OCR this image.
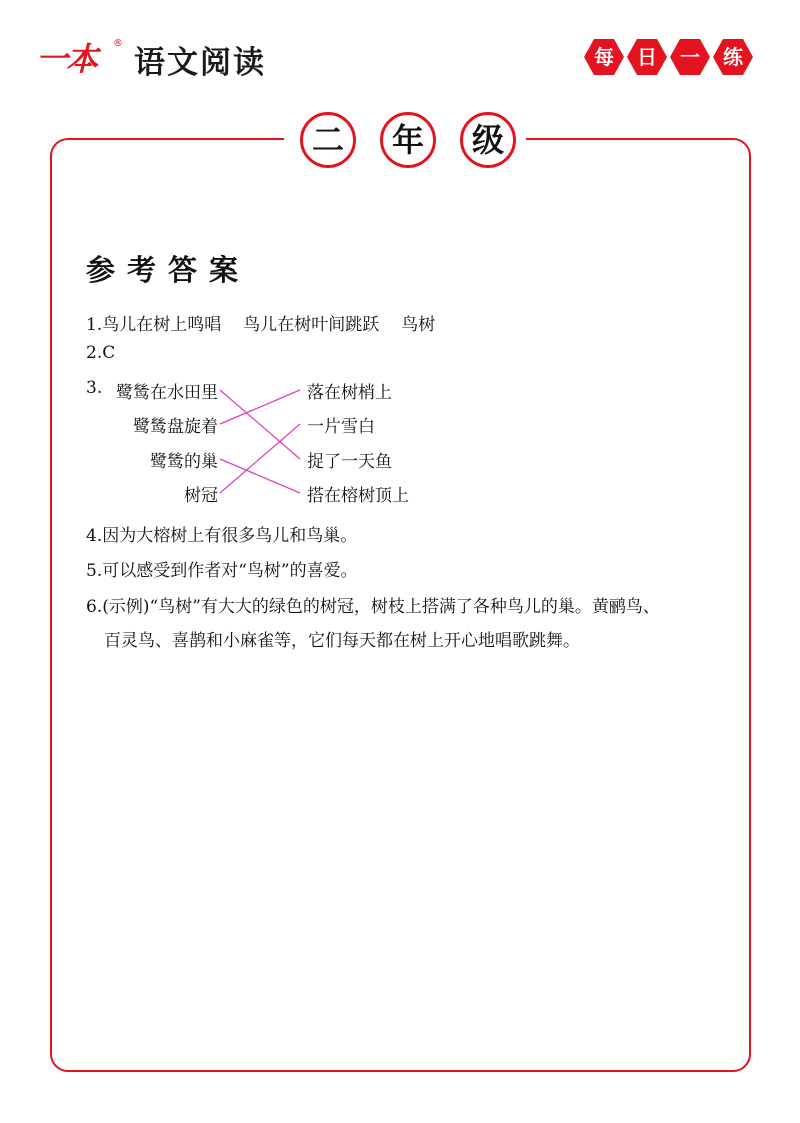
一本 ®
语文阅读	每	日	一	练
二	年	级
参考答案
1.鸟儿在树上鸣唱 鸟儿在树叶间跳跃 鸟树
2.C
3. 鹭鸶在水田里
鹭鸶盘旋着
鹭鸶的巢
树冠
落在树梢上
一片雪白
捉了一天鱼
搭在榕树顶上
4.因为大榕树上有很多鸟儿和鸟巢。
5.可以感受到作者对“鸟树”的喜爱。
6.(示例)“鸟树”有大大的绿色的树冠，树枝上搭满了各种鸟儿的巢。黄鹂鸟、
百灵鸟、喜鹊和小麻雀等，它们每天都在树上开心地唱歌跳舞。
